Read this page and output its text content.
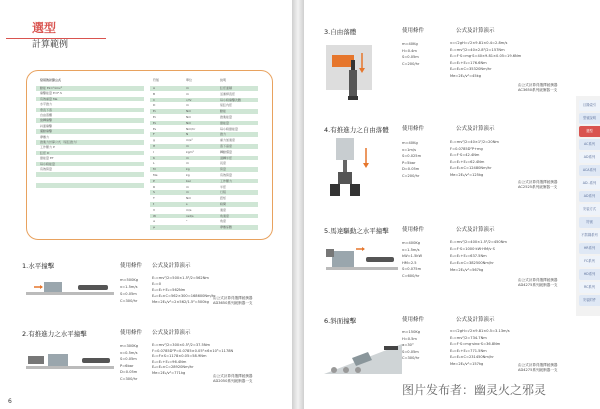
選型
計算範例
常用的計算公式	符號	單位	說明
動能 Ek=½mv²
撞擊能量 E=F·S
有效重量 Me
水平推力
垂直下落
自由落體
旋轉撞擊
斜面撞擊
擺動撞擊
摩擦力
推進力計算公式（氣缸推力）
工作壓力 P
缸徑 D
總能量 ET
每小時能量
有效質量
A	m	缸徑面積
B	m	活塞桿直徑
C	c/hr	每小時撞擊次數
D	m	氣缸內徑
E₁	Nm	動能
E₂	Nm	推進能量
E₃	Nm	總能量
E₄	Nm/hr	每小時總能量
F	N	推力
g	m/s²	重力加速度
H	m	落下高度
I	kgm²	轉動慣量
K	m	迴轉半徑
L	m	長度
M	kg	質量
Me	kg	有效質量
P	bar	工作壓力
R	m	半徑
S	m	行程
T	Nm	扭矩
t	s	時間
V	m/s	速度
W	rad/s	角速度
α	°	角度
μ	摩擦係數
1.水平撞擊	使用條件 公式及計算演示
m=500Kg
v=1.5m/s
S=0.05m
C=300/hr
E₁=mv²/2=500×1.5²/2=562Nm
E₂=0
E₃=E₁+E₂=562Nm
E₄=E₃×C=562×300=168600Nm/hr
Me=2E₃/v²=2×562/1.5²=500kg
由公式計算得選擇緩衝器
AD3650系列緩衝器一支
2.有推進力之水平撞擊	使用條件 公式及計算演示
m=300Kg
v=0.5m/s
S=0.05m
P=6bar
D=0.05m
C=300/hr
E₁=mv²/2=300×0.5²/2=37.5Nm
F=0.0785D²P=0.0785×0.05²×6×10⁵=1178N
E₂=F×S=1178×0.05=58.9Nm
E₃=E₁+E₂=96.4Nm
E₄=E₃×C=28920Nm/hr
Me=2E₃/v²=771kg
由公式計算得選擇緩衝器
AD2050系列緩衝器一支
6
3.自由落體	使用條件	公式及計算演示
m=40Kg
H=0.4m
S=0.05m
C=200/hr
v=√2gH=√2×9.81×0.4=2.8m/s
E₁=mv²/2=40×2.8²/2=157Nm
E₂=F·S=mg·S=40×9.81×0.05=19.6Nm
E₃=E₁+E₂=176.6Nm
E₄=E₃×C=35320Nm/hr
Me=2E₃/v²=45kg
由公式計算得選擇緩衝器
AC3650系列緩衝器一支
4.有推進力之自由落體 使用條件	公式及計算演示
m=40Kg
v=1m/s
S=0.025m
P=5bar
D=0.05m
C=200/hr
E₁=mv²/2=40×1²/2=20Nm
F=0.0785D²P+mg
E₂=F·S=42.4Nm
E₃=E₁+E₂=62.4Nm
E₄=E₃×C=12480Nm/hr
Me=2E₃/v²=125kg
由公式計算得選擇緩衝器
AC2525系列緩衝器一支
5.馬達驅動之水平撞擊 使用條件	公式及計算演示
m=400Kg
v=1.5m/s
kW=1.5kW
HM=2.5
S=0.075m
C=600/hr
E₁=mv²/2=400×1.5²/2=450Nm
E₂=F·S=1000·kW·HM/v·S
E₃=E₁+E₂=637.5Nm
E₄=E₃×C=382500Nm/hr
Me=2E₃/v²=567kg
由公式計算得選擇緩衝器
AD4275系列緩衝器一支
6.斜面撞擊	使用條件	公式及計算演示
m=150Kg
H=0.5m
α=30°
S=0.05m
C=300/hr
v=√2gH=√2×9.81×0.5=3.13m/s
E₁=mv²/2=734.7Nm
E₂=F·S=mg·sinα·S=36.8Nm
E₃=E₁+E₂=771.5Nm
E₄=E₃×C=231450Nm/hr
Me=2E₃/v²=157kg	由公式計算得選擇緩衝器
AD4275系列緩衝器一支
目錄索引
型號說明
選型
AC系列
AD系列
ACA系列
AD..系列
AD系列
安裝方式
符號
不銹鋼系列
HR系列
FC系列
HD系列
RC系列
安裝附件
图片发布者：幽灵火之邪灵
